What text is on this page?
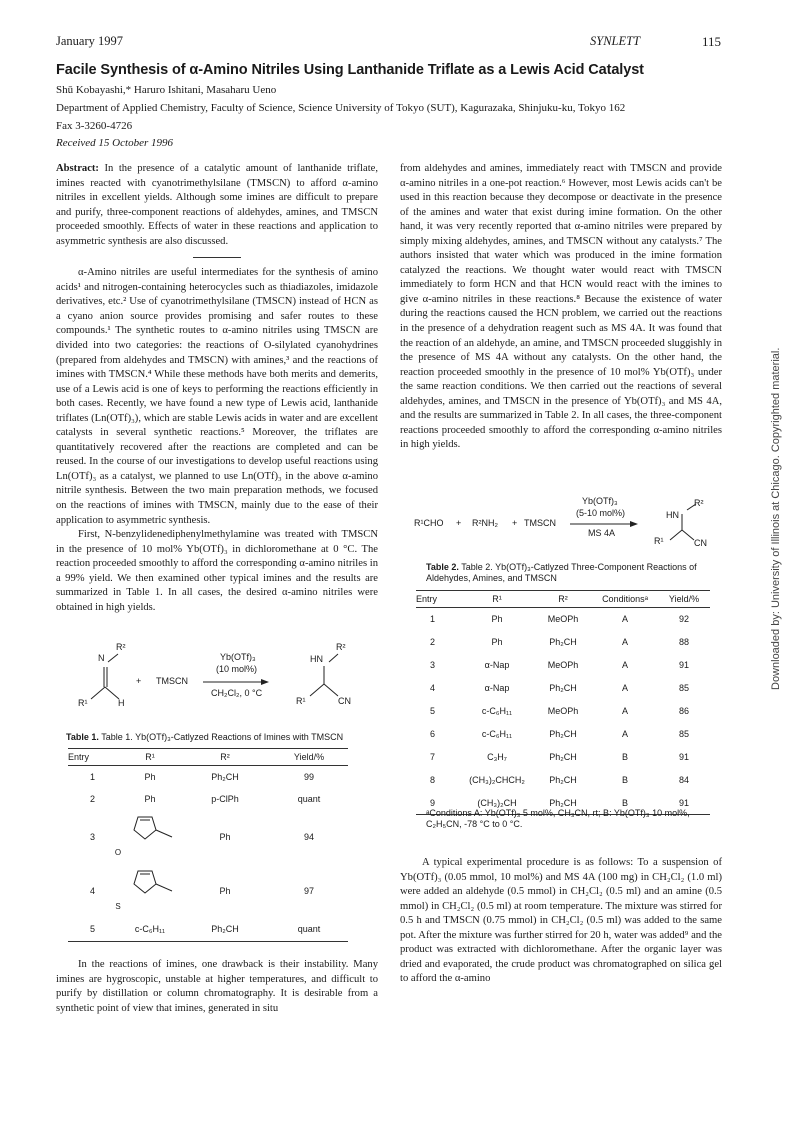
January 1997	SYNLETT	115
Facile Synthesis of α-Amino Nitriles Using Lanthanide Triflate as a Lewis Acid Catalyst
Shū Kobayashi,* Haruro Ishitani, Masaharu Ueno
Department of Applied Chemistry, Faculty of Science, Science University of Tokyo (SUT), Kagurazaka, Shinjuku-ku, Tokyo 162
Fax 3-3260-4726
Received 15 October 1996

Abstract: In the presence of a catalytic amount of lanthanide triflate, imines reacted with cyanotrimethylsilane (TMSCN) to afford α-amino nitriles in excellent yields. Although some imines are difficult to prepare and purify, three-component reactions of aldehydes, amines, and TMSCN proceeded smoothly. Effects of water in these reactions and application to asymmetric synthesis are also discussed.

α-Amino nitriles are useful intermediates for the synthesis of amino acids¹ and nitrogen-containing heterocycles such as thiadiazoles, imidazole derivatives, etc.² Use of cyanotrimethylsilane (TMSCN) instead of HCN as a cyano anion source provides promising and safer routes to these compounds.¹ The synthetic routes to α-amino nitriles using TMSCN are divided into two categories: the reactions of O-silylated cyanohydrines (prepared from aldehydes and TMSCN) with amines,³ and the reactions of imines with TMSCN.⁴ While these methods have both merits and demerits, use of a Lewis acid is one of keys to performing the reactions efficiently in both cases. Recently, we have found a new type of Lewis acid, lanthanide triflates (Ln(OTf)₃), which are stable Lewis acids in water and are excellent catalysts in several synthetic reactions.⁵ Moreover, the triflates are quantitatively recovered after the reactions are completed and can be reused. In the course of our investigations to develop useful reactions using Ln(OTf)₃ as a catalyst, we planned to use Ln(OTf)₃ in the above α-amino nitrile synthesis. Between the two main preparation methods, we focused on the reactions of imines with TMSCN, mainly due to the ease of their application to asymmetric synthesis.

First, N-benzylidenediphenylmethylamine was treated with TMSCN in the presence of 10 mol% Yb(OTf)₃ in dichloromethane at 0 °C. The reaction proceeded smoothly to afford the corresponding α-amino nitriles in a 99% yield. We then examined other typical imines and the results are summarized in Table 1. In all cases, the desired α-amino nitriles were obtained in high yields.

N
R²
R¹	H
+ TMSCN
Yb(OTf)₃
(10 mol%)
CH₂Cl₂, 0 °C
HN
R²
R¹	CN
Table 1. Table 1. Yb(OTf)₃-Catlyzed Reactions of Imines with TMSCN
Entry	R¹	R²	Yield/%
1	Ph	Ph₂CH	99
2	Ph	p-ClPh	quant
3	O	Ph	94
4	S	Ph	97
5	c-C₆H₁₁	Ph₂CH	quant

In the reactions of imines, one drawback is their instability. Many imines are hygroscopic, unstable at higher temperatures, and difficult to purify by distillation or column chromatography. It is desirable from a synthetic point of view that imines, generated in situ

from aldehydes and amines, immediately react with TMSCN and provide α-amino nitriles in a one-pot reaction.⁶ However, most Lewis acids can't be used in this reaction because they decompose or deactivate in the presence of the amines and water that exist during imine formation. On the other hand, it was very recently reported that α-amino nitriles were prepared by simply mixing aldehydes, amines, and TMSCN without any catalysts.⁷ The authors insisted that water which was produced in the imine formation catalyzed the reactions. We thought water would react with TMSCN immediately to form HCN and that HCN would react with the imines to give α-amino nitriles in these reactions.⁸ Because the existence of water during the reactions caused the HCN problem, we carried out the reactions in the presence of a dehydration reagent such as MS 4A. It was found that the reaction of an aldehyde, an amine, and TMSCN proceeded sluggishly in the presence of MS 4A without any catalysts. On the other hand, the reaction proceeded smoothly in the presence of 10 mol% Yb(OTf)₃ under the same reaction conditions. We then carried out the reactions of several aldehydes, amines, and TMSCN in the presence of Yb(OTf)₃ and MS 4A, and the results are summarized in Table 2. In all cases, the three-component reactions proceeded smoothly to afford the corresponding α-amino nitriles in high yields.

R¹CHO + R²NH₂ + TMSCN
Yb(OTf)₃
(5-10 mol%)
MS 4A
HN
R²
R¹	CN
Table 2. Table 2. Yb(OTf)₃-Catlyzed Three-Component Reactions of Aldehydes, Amines, and TMSCN
Entry	R¹	R²	Conditionsᵃ	Yield/%
1	Ph	MeOPh	A	92
2	Ph	Ph₂CH	A	88
3	α-Nap	MeOPh	A	91
4	α-Nap	Ph₂CH	A	85
5	c-C₆H₁₁	MeOPh	A	86
6	c-C₆H₁₁	Ph₂CH	A	85
7	C₃H₇	Ph₂CH	B	91
8	(CH₃)₂CHCH₂	Ph₂CH	B	84
9	(CH₃)₂CH	Ph₂CH	B	91
ᵃConditions A: Yb(OTf)₃ 5 mol%, CH₃CN, rt; B: Yb(OTf)₃ 10 mol%, C₂H₅CN, -78 °C to 0 °C.

A typical experimental procedure is as follows: To a suspension of Yb(OTf)₃ (0.05 mmol, 10 mol%) and MS 4A (100 mg) in CH₂Cl₂ (1.0 ml) were added an aldehyde (0.5 mmol) in CH₂Cl₂ (0.5 ml) and an amine (0.5 mmol) in CH₂Cl₂ (0.5 ml) at room temperature. The mixture was stirred for 0.5 h and TMSCN (0.75 mmol) in CH₂Cl₂ (0.5 ml) was added to the same pot. After the mixture was further stirred for 20 h, water was added⁹ and the product was extracted with dichloromethane. After the organic layer was dried and evaporated, the crude product was chromatographed on silica gel to afford the α-amino

Downloaded by: University of Illinois at Chicago. Copyrighted material.
